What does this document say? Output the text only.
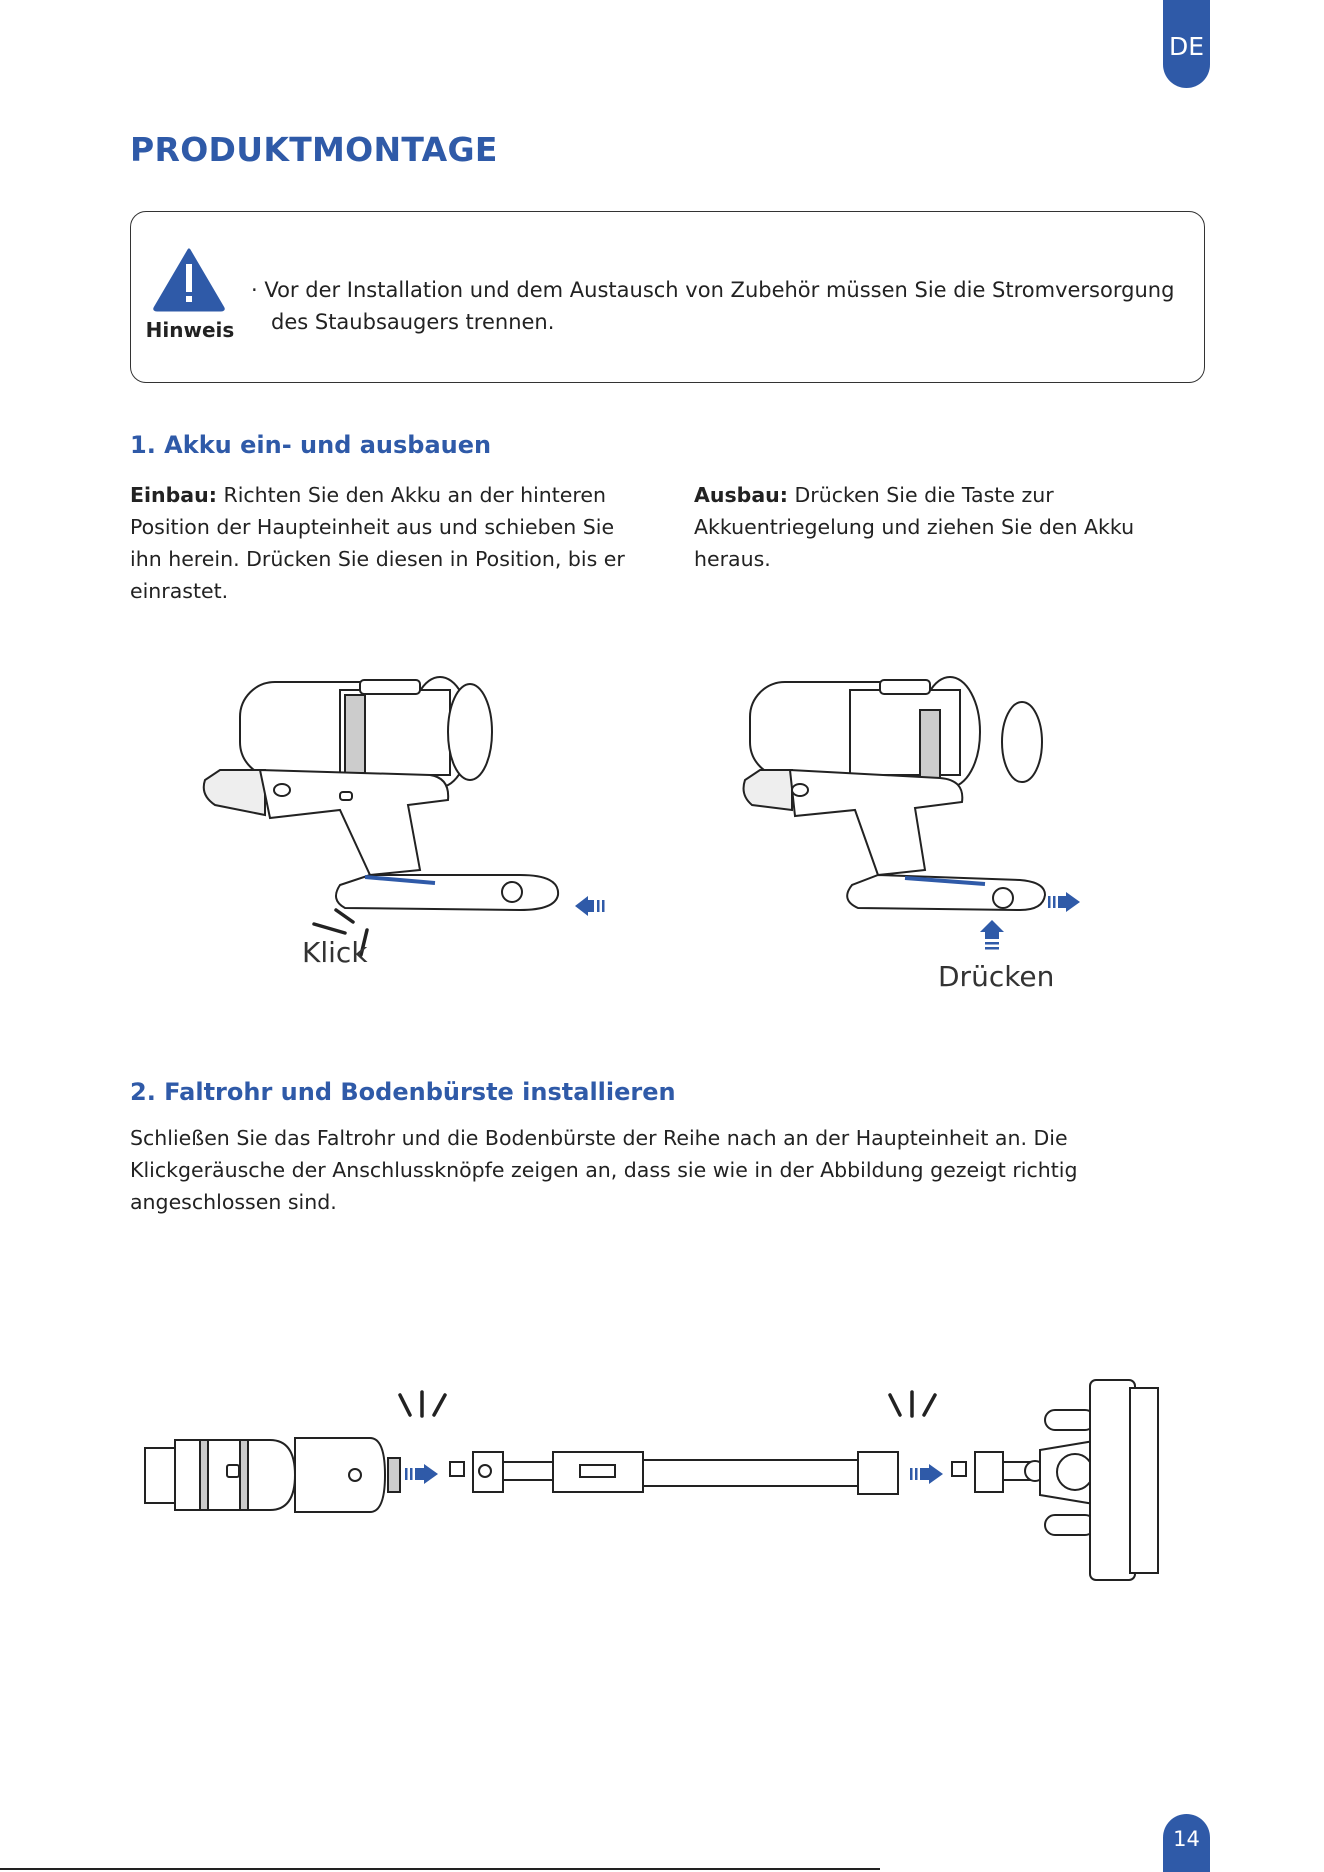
DE
PRODUKTMONTAGE
Hinweis
· Vor der Installation und dem Austausch von Zubehör müssen Sie die Stromversorgung
des Staubsaugers trennen.
1. Akku ein- und ausbauen

Einbau: Richten Sie den Akku an der hinteren Position der Haupteinheit aus und schieben Sie ihn herein. Drücken Sie diesen in Position, bis er einrastet.

Ausbau: Drücken Sie die Taste zur Akkuentriegelung und ziehen Sie den Akku heraus.

Klick
Drücken
2. Faltrohr und Bodenbürste installieren

Schließen Sie das Faltrohr und die Bodenbürste der Reihe nach an der Haupteinheit an. Die Klickgeräusche der Anschlussknöpfe zeigen an, dass sie wie in der Abbildung gezeigt richtig angeschlossen sind.

14
